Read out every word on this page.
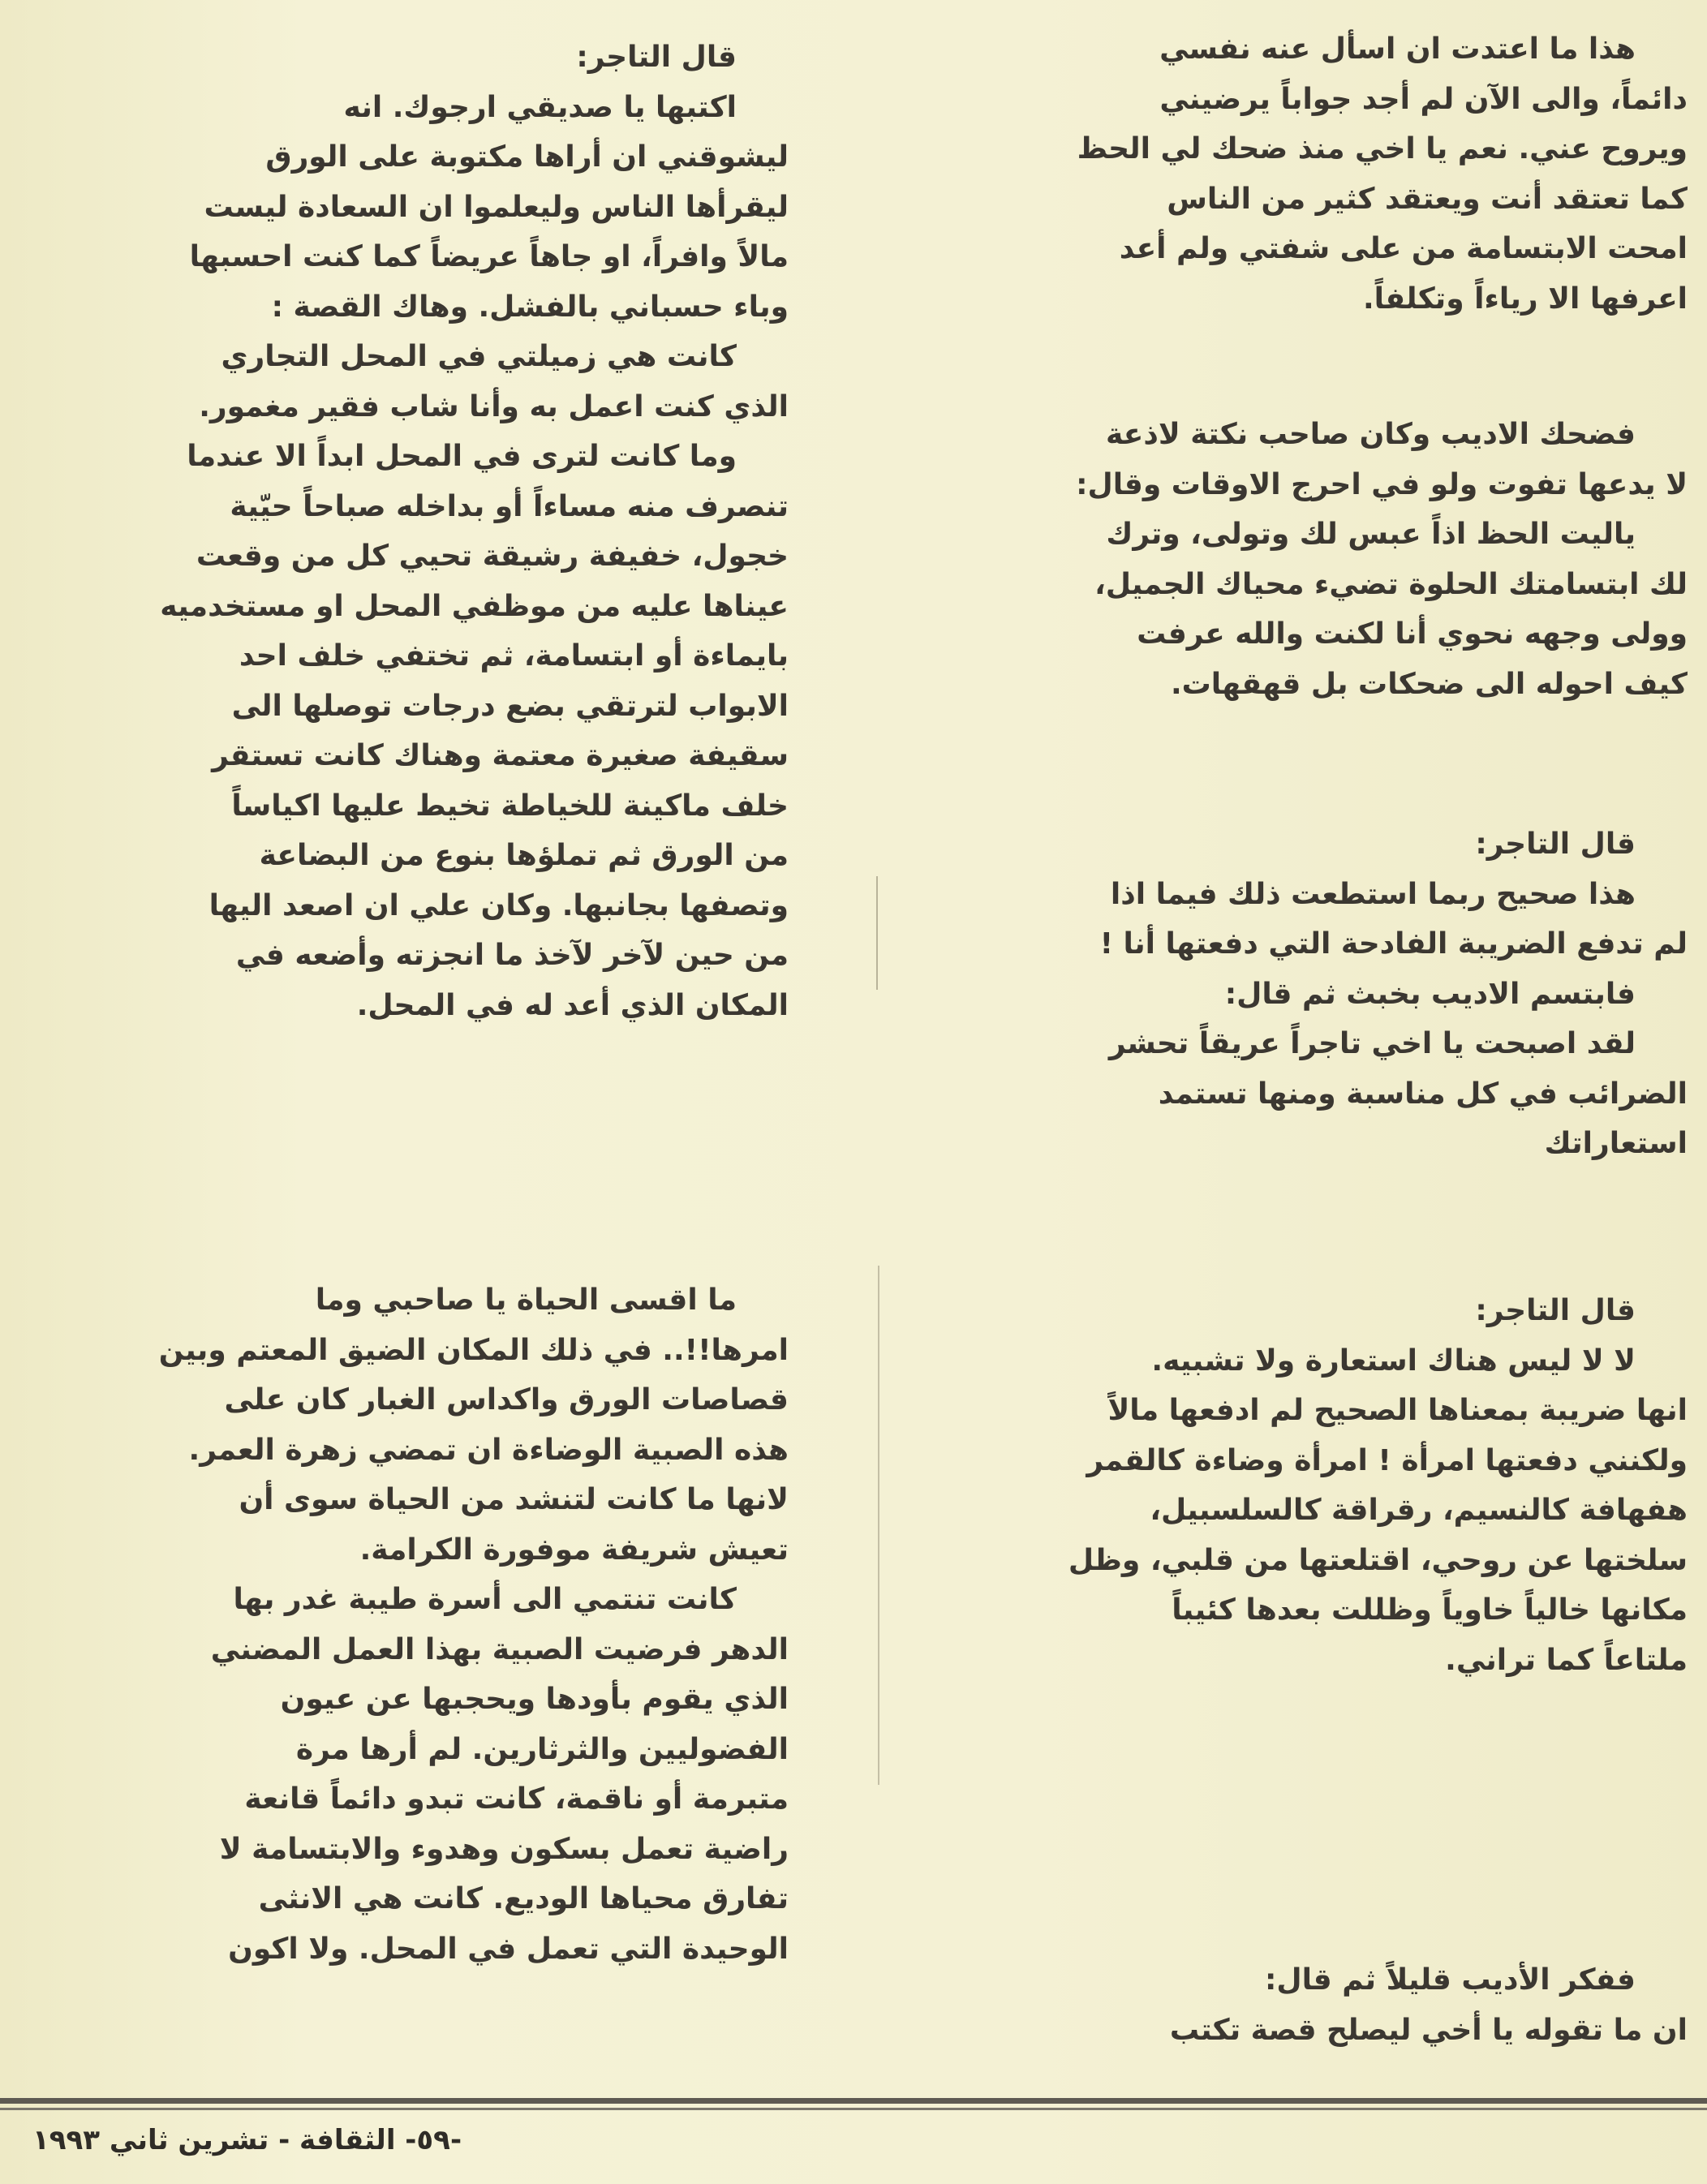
هذا ما اعتدت ان اسأل عنه نفسي

دائماً، والى الآن لم أجد جواباً يرضيني

ويروح عني. نعم يا اخي منذ ضحك لي الحظ

كما تعتقد أنت ويعتقد كثير من الناس

امحت الابتسامة من على شفتي ولم أعد

اعرفها الا رياءاً وتكلفاً.

فضحك الاديب وكان صاحب نكتة لاذعة

لا يدعها تفوت ولو في احرج الاوقات وقال:

ياليت الحظ اذاً عبس لك وتولى، وترك

لك ابتسامتك الحلوة تضيء محياك الجميل،

وولى وجهه نحوي أنا لكنت والله عرفت

كيف احوله الى ضحكات بل قهقهات.

قال التاجر:

هذا صحيح ربما استطعت ذلك فيما اذا

لم تدفع الضريبة الفادحة التي دفعتها أنا !

فابتسم الاديب بخبث ثم قال:

لقد اصبحت يا اخي تاجراً عريقاً تحشر

الضرائب في كل مناسبة ومنها تستمد

استعاراتك

قال التاجر:

لا لا ليس هناك استعارة ولا تشبيه.

انها ضريبة بمعناها الصحيح لم ادفعها مالاً

ولكنني دفعتها امرأة ! امرأة وضاءة كالقمر

هفهافة كالنسيم، رقراقة كالسلسبيل،

سلختها عن روحي، اقتلعتها من قلبي، وظل

مكانها خالياً خاوياً وظللت بعدها كئيباً

ملتاعاً كما تراني.

ففكر الأديب قليلاً ثم قال:

ان ما تقوله يا أخي ليصلح قصة تكتب

قال التاجر:

اكتبها يا صديقي ارجوك. انه

ليشوقني ان أراها مكتوبة على الورق

ليقرأها الناس وليعلموا ان السعادة ليست

مالاً وافراً، او جاهاً عريضاً كما كنت احسبها

وباء حسباني بالفشل. وهاك القصة :

كانت هي زميلتي في المحل التجاري

الذي كنت اعمل به وأنا شاب فقير مغمور.

وما كانت لترى في المحل ابداً الا عندما

تنصرف منه مساءاً أو بداخله صباحاً حيّية

خجول، خفيفة رشيقة تحيي كل من وقعت

عيناها عليه من موظفي المحل او مستخدميه

بايماءة أو ابتسامة، ثم تختفي خلف احد

الابواب لترتقي بضع درجات توصلها الى

سقيفة صغيرة معتمة وهناك كانت تستقر

خلف ماكينة للخياطة تخيط عليها اكياساً

من الورق ثم تملؤها بنوع من البضاعة

وتصفها بجانبها. وكان علي ان اصعد اليها

من حين لآخر لآخذ ما انجزته وأضعه في

المكان الذي أعد له في المحل.

ما اقسى الحياة يا صاحبي وما

امرها!!.. في ذلك المكان الضيق المعتم وبين

قصاصات الورق واكداس الغبار كان على

هذه الصبية الوضاءة ان تمضي زهرة العمر.

لانها ما كانت لتنشد من الحياة سوى أن

تعيش شريفة موفورة الكرامة.

كانت تنتمي الى أسرة طيبة غدر بها

الدهر فرضيت الصبية بهذا العمل المضني

الذي يقوم بأودها ويحجبها عن عيون

الفضوليين والثرثارين. لم أرها مرة

متبرمة أو ناقمة، كانت تبدو دائماً قانعة

راضية تعمل بسكون وهدوء والابتسامة لا

تفارق محياها الوديع. كانت هي الانثى

الوحيدة التي تعمل في المحل. ولا اكون

-٥٩- الثقافة - تشرين ثاني ١٩٩٣
